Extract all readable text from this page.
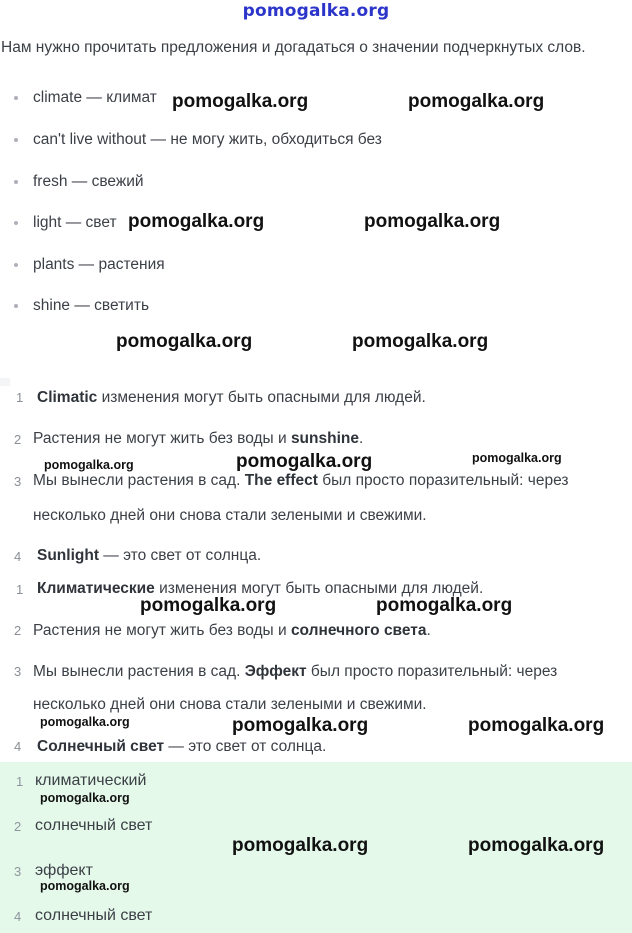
pomogalka.org
Нам нужно прочитать предложения и догадаться о значении подчеркнутых слов.
climate — климат
can't live without — не могу жить, обходиться без
fresh — свежий
light — свет
plants — растения
shine — светить
1 Climatic изменения могут быть опасными для людей.
2 Растения не могут жить без воды и sunshine.
3 Мы вынесли растения в сад. The effect был просто поразительный: через
несколько дней они снова стали зелеными и свежими.
4 Sunlight — это свет от солнца.
1 Климатические изменения могут быть опасными для людей.
2 Растения не могут жить без воды и солнечного света.
3 Мы вынесли растения в сад. Эффект был просто поразительный: через
несколько дней они снова стали зелеными и свежими.
4 Солнечный свет — это свет от солнца.
1 климатический
2 солнечный свет
3 эффект
4 солнечный свет
pomogalka.org	pomogalka.org
pomogalka.org	pomogalka.org
pomogalka.org	pomogalka.org
pomogalka.org	pomogalka.org	pomogalka.org
pomogalka.org	pomogalka.org
pomogalka.org	pomogalka.org	pomogalka.org
pomogalka.org
pomogalka.org	pomogalka.org
pomogalka.org
